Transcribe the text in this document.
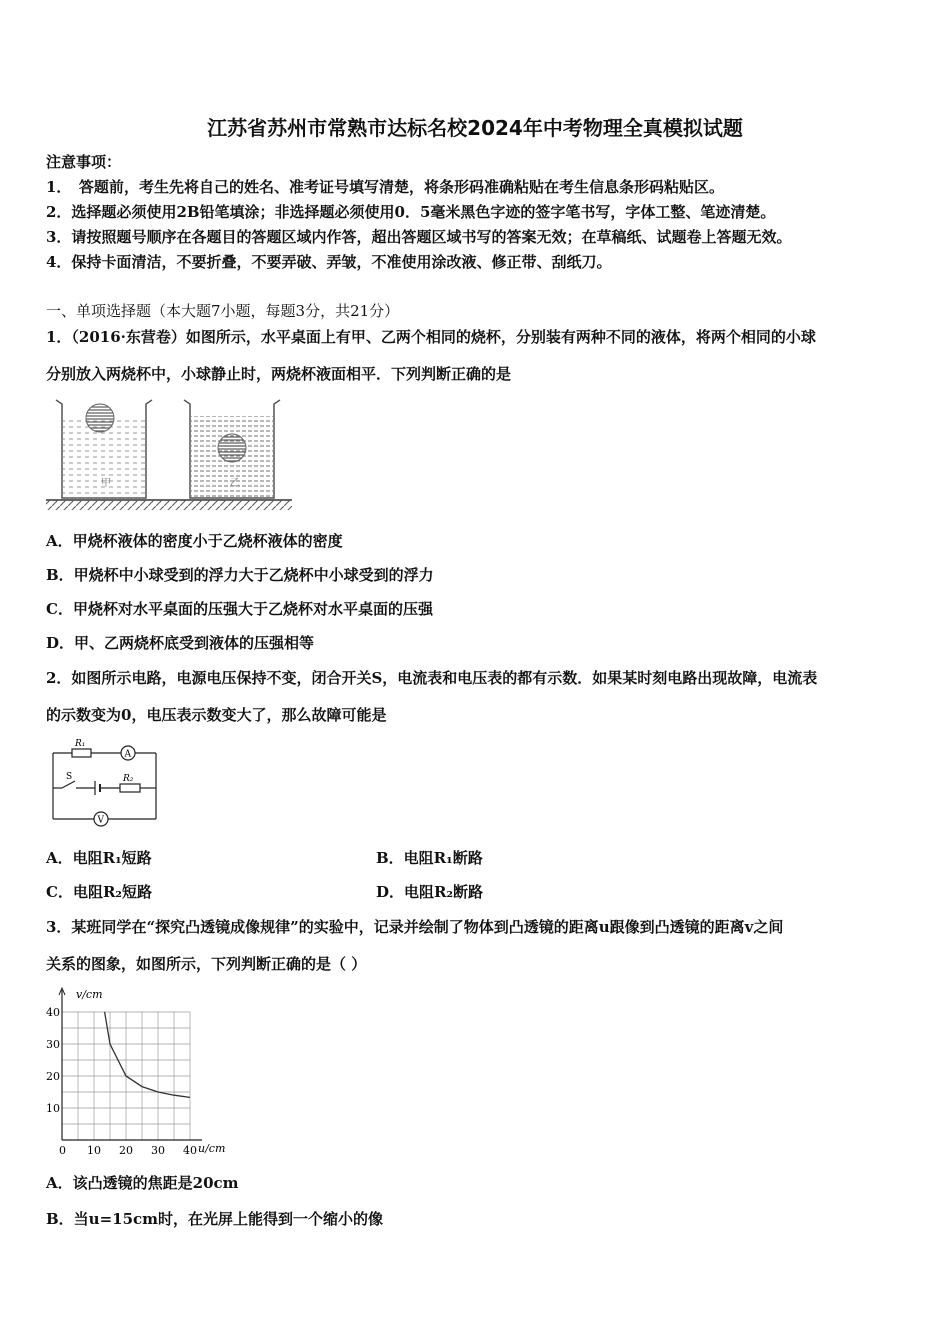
江苏省苏州市常熟市达标名校2024年中考物理全真模拟试题
注意事项：
1．　答题前，考生先将自己的姓名、准考证号填写清楚，将条形码准确粘贴在考生信息条形码粘贴区。
2．选择题必须使用2B铅笔填涂；非选择题必须使用0．5毫米黑色字迹的签字笔书写，字体工整、笔迹清楚。
3．请按照题号顺序在各题目的答题区域内作答，超出答题区域书写的答案无效；在草稿纸、试题卷上答题无效。
4．保持卡面清洁，不要折叠，不要弄破、弄皱，不准使用涂改液、修正带、刮纸刀。
一、单项选择题（本大题7小题，每题3分，共21分）
1．（2016·东营卷）如图所示，水平桌面上有甲、乙两个相同的烧杯，分别装有两种不同的液体，将两个相同的小球
分别放入两烧杯中，小球静止时，两烧杯液面相平．下列判断正确的是
甲	乙
A．甲烧杯液体的密度小于乙烧杯液体的密度
B．甲烧杯中小球受到的浮力大于乙烧杯中小球受到的浮力
C．甲烧杯对水平桌面的压强大于乙烧杯对水平桌面的压强
D．甲、乙两烧杯底受到液体的压强相等
2．如图所示电路，电源电压保持不变，闭合开关S，电流表和电压表的都有示数．如果某时刻电路出现故障，电流表
的示数变为0，电压表示数变大了，那么故障可能是
R₁
A
S	R₂
V
A．电阻R₁短路	B．电阻R₁断路
C．电阻R₂短路	D．电阻R₂断路
3．某班同学在“探究凸透镜成像规律”的实验中，记录并绘制了物体到凸透镜的距离u跟像到凸透镜的距离v之间
关系的图象，如图所示，下列判断正确的是（ ）
0 10 20 30 40
10
20
30
40
v/cm
u/cm
A．该凸透镜的焦距是20cm
B．当u=15cm时，在光屏上能得到一个缩小的像
